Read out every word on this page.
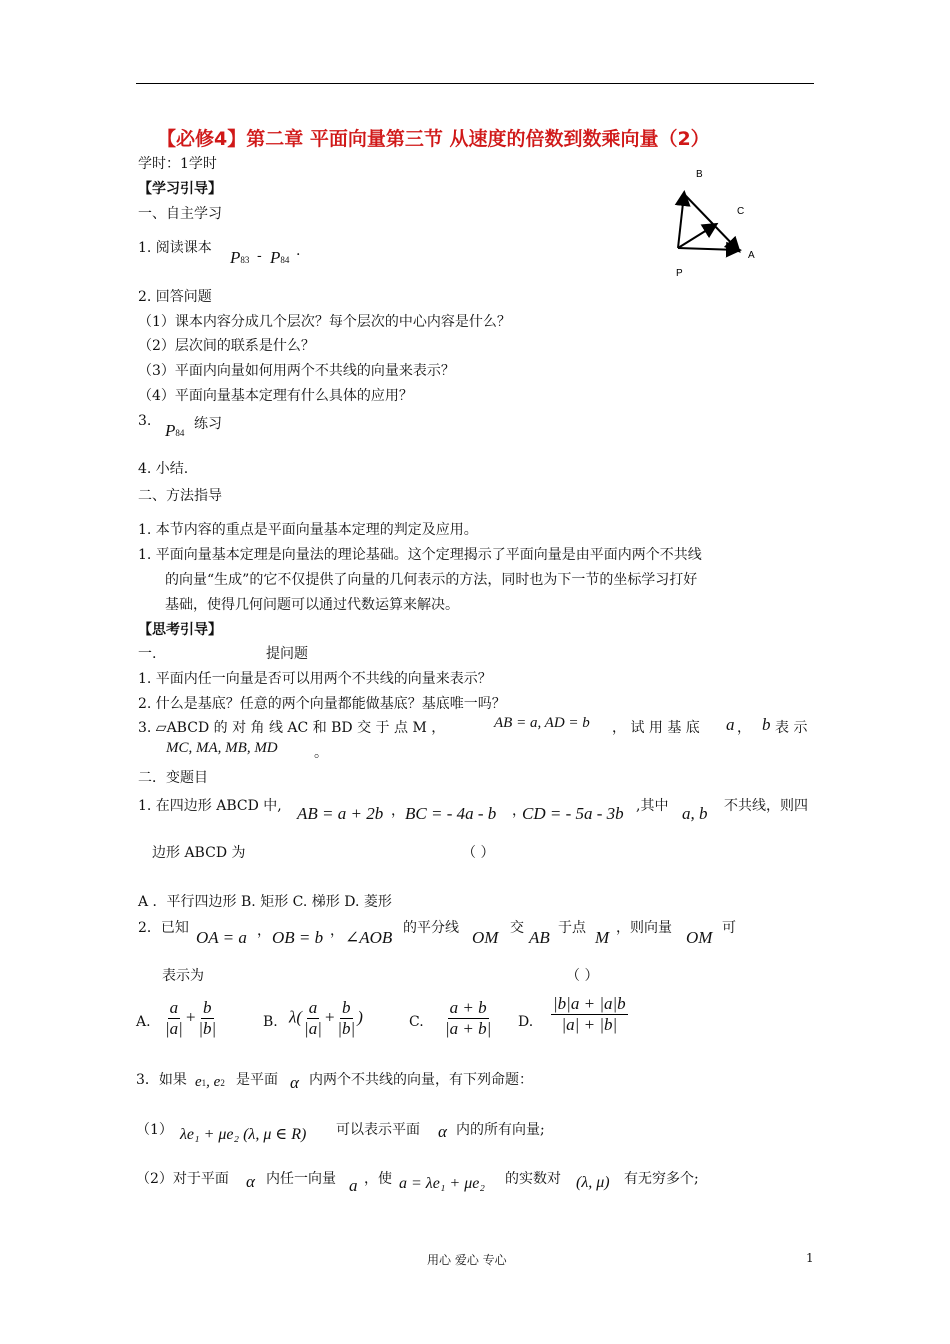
【必修4】第二章 平面向量第三节 从速度的倍数到数乘向量（2）
学时：1学时
【学习引导】
一、自主学习
1. 阅读课本 P83 - P84
.
2. 回答问题
（1）课本内容分成几个层次？每个层次的中心内容是什么？
（2）层次间的联系是什么？
（3）平面内向量如何用两个不共线的向量来表示？
（4）平面向量基本定理有什么具体的应用？
3. P84
练习
4. 小结.
二、方法指导
1. 本节内容的重点是平面向量基本定理的判定及应用。
1. 平面向量基本定理是向量法的理论基础。这个定理揭示了平面向量是由平面内两个不共线
的向量“生成”的它不仅提供了向量的几何表示的方法，同时也为下一节的坐标学习打好
基础，使得几何问题可以通过代数运算来解决。
【思考引导】
一.	提问题
1. 平面内任一向量是否可以用两个不共线的向量来表示？
2. 什么是基底？任意的两个向量都能做基底？基底唯一吗？
3. ▱ABCD 的 对 角 线 AC 和 BD 交 于 点 M ，	AB = a, AD = b ， 试 用 基 底 a ， b 表 示
MC, MA, MB, MD	。
二．变题目
1. 在四边形 ABCD 中, AB = a + 2b ， BC = - 4a - b ，
CD = - 5a - 3b ,其中 a, b 不共线，则四
边形 ABCD 为	（ ）
A ．平行四边形 B. 矩形 C. 梯形 D. 菱形
2．已知 OA = a ， OB = b ， ∠AOB 的平分线 OM 交 AB 于点 M ，则向量 OM 可
表示为	（ ）
A. $\frac{a}{|a|} + \frac{b}{|b|}$	B. $\lambda( \frac{a}{|a|} + \frac{b}{|b|}$ )	C. $\frac{a + b}{|a + b|} D$. $\frac{|b|a + |a|b}{|a| + |b|}$
3．如果 e1, e2 是平面 α 内两个不共线的向量，有下列命题：
（1） λe₁ + μe₂ (λ, μ ∈ R) 可以表示平面 α 内的所有向量;
（2）对于平面 α 内任一向量 a ，使 a = λe₁ + μe₂ 的实数对 (λ, μ) 有无穷多个;
B
C
A
P
用心 爱心 专心	1
